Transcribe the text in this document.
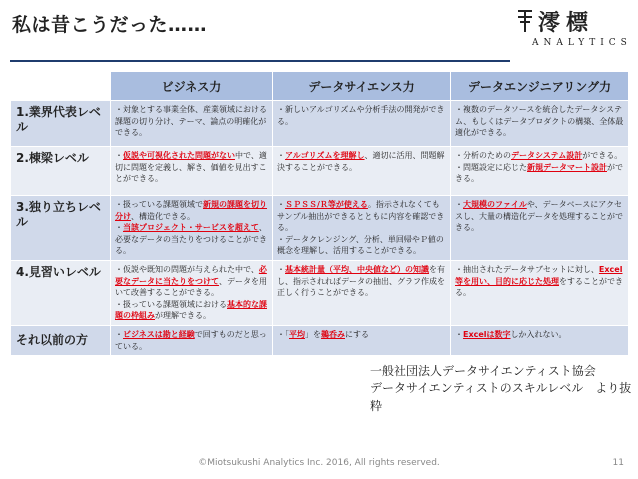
私は昔こうだった……	澪標
ANALYTICS
	ビジネス力	データサイエンス力	データエンジニアリング力
1.業界代表レベル	・対象とする事業全体、産業領域における課題の切り分け、テーマ、論点の明確化ができる。	・新しいアルゴリズムや分析手法の開発ができる。	・複数のデータソースを統合したデータシステム、もしくはデータプロダクトの構築、全体最適化ができる。

2.棟梁レベル	・仮説や可視化された問題がない中で、適切に問題を定義し、解き、価値を見出すことができる。	・アルゴリズムを理解し、適切に活用、問題解決することができる。	・分析のためのデータシステム設計ができる。
・問題設定に応じた新規データマート設計ができる。

3.独り立ちレベル	・扱っている課題領域で新規の課題を切り分け、構造化できる。
・当該プロジェクト・サービスを超えて、必要なデータの当たりをつけることができる。	・ＳＰＳＳ/Ｒ等が使える。指示されなくてもサンプル抽出ができるとともに内容を確認できる。
・データクレンジング、分析、単回帰やＰ値の概念を理解し、活用することができる。	・大規模のファイルや、データベースにアクセスし、大量の構造化データを処理することができる。

4.見習いレベル	・仮説や既知の問題が与えられた中で、必要なデータに当たりをつけて、データを用いて改善することができる。
・扱っている課題領域における基本的な課題の枠組みが理解できる。	・基本統計量（平均、中央値など）の知識を有し、指示されればデータの抽出、グラフ作成を正しく行うことができる。	・抽出されたデータサブセットに対し、Excel等を用い、目的に応じた処理をすることができる。

それ以前の方	・ビジネスは勘と経験で回すものだと思っている。	・「平均」を鵜呑みにする	・Excelは数字しか入れない。
一般社団法人データサイエンティスト協会
データサイエンティストのスキルレベル　より抜粋
©Miotsukushi Analytics Inc. 2016, All rights reserved.	11
